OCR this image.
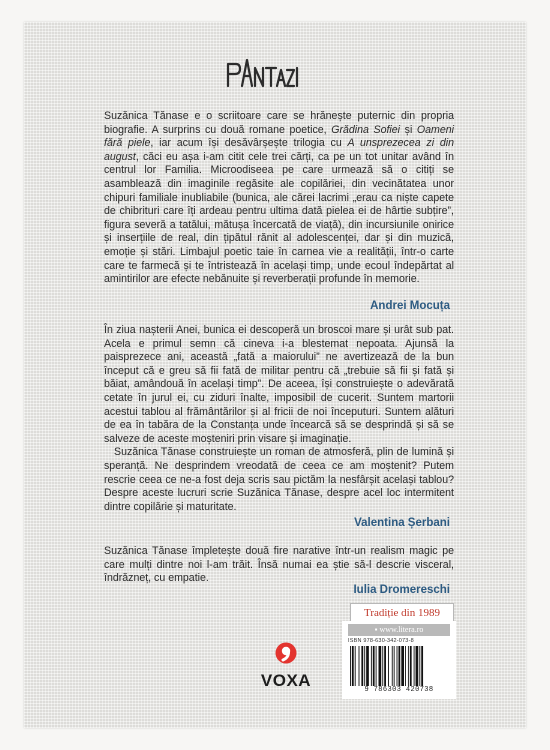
Suzănica Tănase e o scriitoare care se hrănește puternic din propria biografie. A surprins cu două romane poetice, Grădina Sofiei și Oameni fără piele, iar acum își desăvârșește trilogia cu A unsprezecea zi din august, căci eu așa i-am citit cele trei cărți, ca pe un tot unitar având în centrul lor Familia. Microodiseea pe care urmează să o citiți se asamblează din imaginile regăsite ale copilăriei, din vecinătatea unor chipuri familiale inubliabile (bunica, ale cărei lacrimi „erau ca niște capete de chibrituri care îți ardeau pentru ultima dată pielea ei de hârtie subțire”, figura severă a tatălui, mătușa încercată de viață), din incursiunile onirice și inserțiile de real, din țipătul rănit al adolescenței, dar și din muzică, emoție și stări. Limbajul poetic taie în carnea vie a realității, într-o carte care te farmecă și te întristează în același timp, unde ecoul îndepărtat al amintirilor are efecte nebănuite și reverberații profunde în memorie.

Andrei Mocuța

În ziua nașterii Anei, bunica ei descoperă un broscoi mare și urât sub pat. Acela e primul semn că cineva i-a blestemat nepoata. Ajunsă la paisprezece ani, această „fată a maiorului” ne avertizează de la bun început că e greu să fii fată de militar pentru că „trebuie să fii și fată și băiat, amândouă în același timp”. De aceea, își construiește o adevărată cetate în jurul ei, cu ziduri înalte, imposibil de cucerit. Suntem martorii acestui tablou al frământărilor și al fricii de noi începuturi. Suntem alături de ea în tabăra de la Constanța unde încearcă să se desprindă și să se salveze de aceste moșteniri prin visare și imaginație.

Suzănica Tănase construiește un roman de atmosferă, plin de lumină și speranță. Ne desprindem vreodată de ceea ce am moștenit? Putem rescrie ceea ce ne-a fost deja scris sau pictăm la nesfârșit același tablou? Despre aceste lucruri scrie Suzănica Tănase, despre acel loc intermitent dintre copilărie și maturitate.

Valentina Șerbani

Suzănica Tănase împletește două fire narative într-un realism magic pe care mulți dintre noi l-am trăit. Însă numai ea știe să-l descrie visceral, îndrăzneț, cu empatie.

Iulia Dromereschi
VOXA
Tradiție din 1989
▪ www.litera.ro
ISBN 978-630-342-073-8
9 786303 420738
